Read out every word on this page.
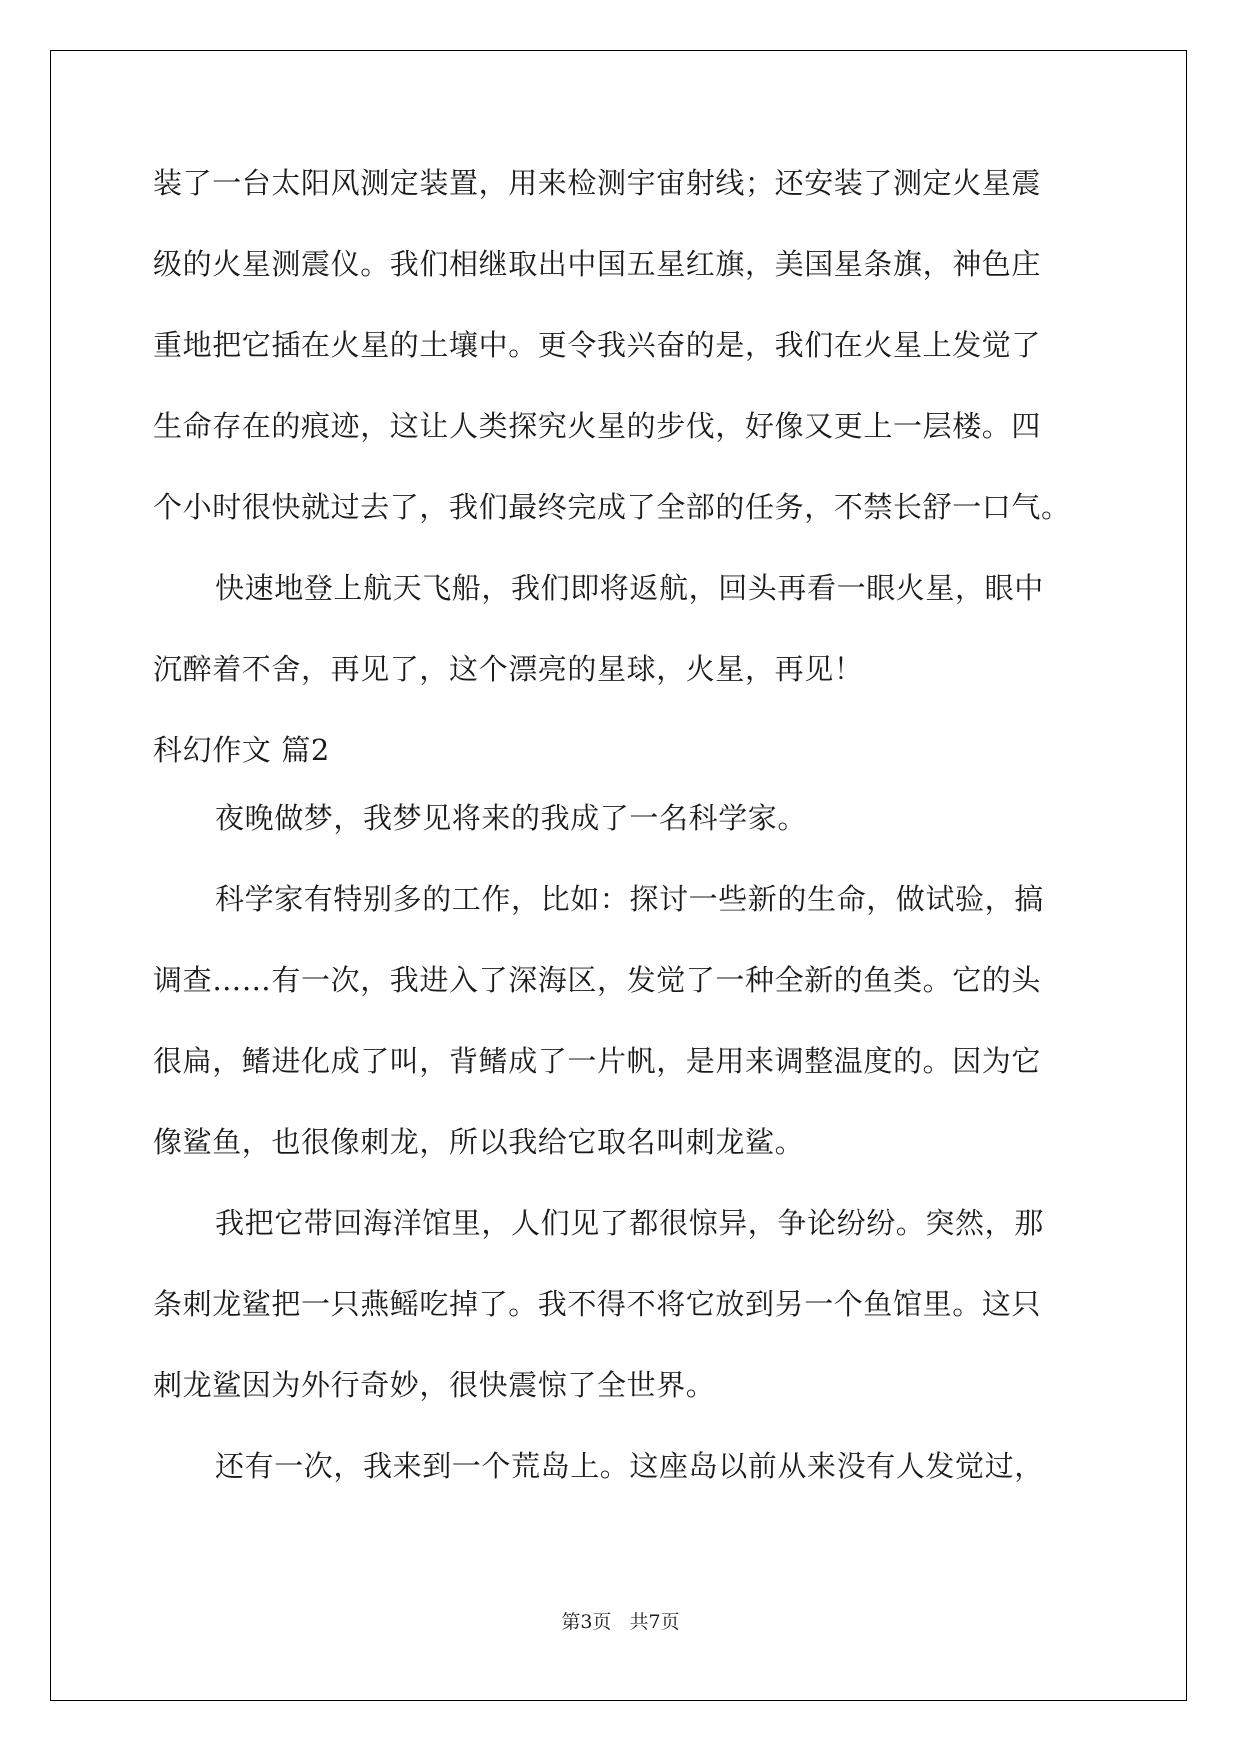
装了一台太阳风测定装置，用来检测宇宙射线；还安装了测定火星震
级的火星测震仪。我们相继取出中国五星红旗，美国星条旗，神色庄
重地把它插在火星的土壤中。更令我兴奋的是，我们在火星上发觉了
生命存在的痕迹，这让人类探究火星的步伐，好像又更上一层楼。四
个小时很快就过去了，我们最终完成了全部的任务，不禁长舒一口气。
快速地登上航天飞船，我们即将返航，回头再看一眼火星，眼中
沉醉着不舍，再见了，这个漂亮的星球，火星，再见！
科幻作文 篇2
夜晚做梦，我梦见将来的我成了一名科学家。
科学家有特别多的工作，比如：探讨一些新的生命，做试验，搞
调查……有一次，我进入了深海区，发觉了一种全新的鱼类。它的头
很扁，鳍进化成了叫，背鳍成了一片帆，是用来调整温度的。因为它
像鲨鱼，也很像刺龙，所以我给它取名叫刺龙鲨。
我把它带回海洋馆里，人们见了都很惊异，争论纷纷。突然，那
条刺龙鲨把一只燕鳐吃掉了。我不得不将它放到另一个鱼馆里。这只
刺龙鲨因为外行奇妙，很快震惊了全世界。
还有一次，我来到一个荒岛上。这座岛以前从来没有人发觉过，
第3页   共7页
